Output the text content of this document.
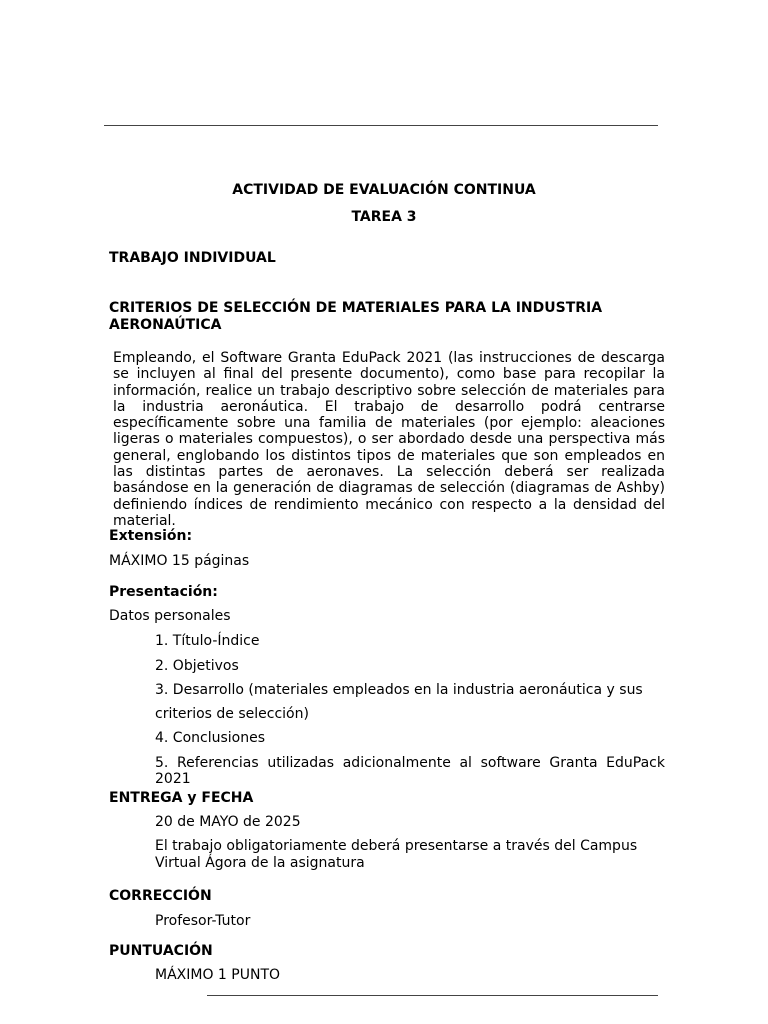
ACTIVIDAD DE EVALUACIÓN CONTINUA
TAREA 3
TRABAJO INDIVIDUAL
CRITERIOS DE SELECCIÓN DE MATERIALES PARA LA INDUSTRIA AERONAÚTICA
Empleando, el Software Granta EduPack 2021 (las instrucciones de descarga se incluyen al final del presente documento), como base para recopilar la información, realice un trabajo descriptivo sobre selección de materiales para la industria aeronáutica. El trabajo de desarrollo podrá centrarse específicamente sobre una familia de materiales (por ejemplo: aleaciones ligeras o materiales compuestos), o ser abordado desde una perspectiva más general, englobando los distintos tipos de materiales que son empleados en las distintas partes de aeronaves. La selección deberá ser realizada basándose en la generación de diagramas de selección (diagramas de Ashby) definiendo índices de rendimiento mecánico con respecto a la densidad del material.
Extensión:
MÁXIMO 15 páginas
Presentación:
Datos personales
1. Título-Índice
2. Objetivos
3. Desarrollo (materiales empleados en la industria aeronáutica y sus
criterios de selección)
4. Conclusiones
5. Referencias utilizadas adicionalmente al software Granta EduPack 2021
ENTREGA y FECHA
20 de MAYO de 2025
El trabajo obligatoriamente deberá presentarse a través del Campus Virtual Ágora de la asignatura
CORRECCIÓN
Profesor-Tutor
PUNTUACIÓN
MÁXIMO 1 PUNTO
